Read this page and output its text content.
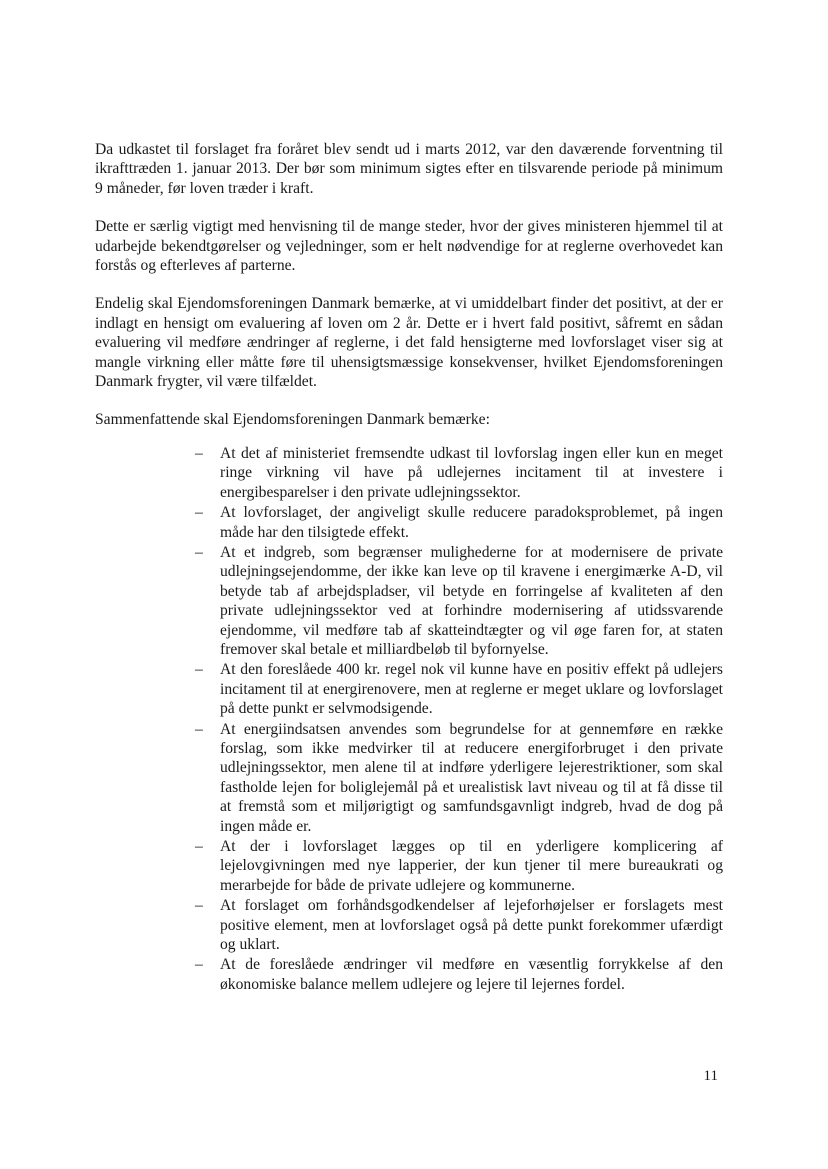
Da udkastet til forslaget fra foråret blev sendt ud i marts 2012, var den daværende forventning til ikrafttræden 1. januar 2013. Der bør som minimum sigtes efter en tilsvarende periode på minimum 9 måneder, før loven træder i kraft.

Dette er særlig vigtigt med henvisning til de mange steder, hvor der gives ministeren hjemmel til at udarbejde bekendtgørelser og vejledninger, som er helt nødvendige for at reglerne overhovedet kan forstås og efterleves af parterne.

Endelig skal Ejendomsforeningen Danmark bemærke, at vi umiddelbart finder det positivt, at der er indlagt en hensigt om evaluering af loven om 2 år. Dette er i hvert fald positivt, såfremt en sådan evaluering vil medføre ændringer af reglerne, i det fald hensigterne med lovforslaget viser sig at mangle virkning eller måtte føre til uhensigtsmæssige konsekvenser, hvilket Ejendomsforeningen Danmark frygter, vil være tilfældet.

Sammenfattende skal Ejendomsforeningen Danmark bemærke:

– At det af ministeriet fremsendte udkast til lovforslag ingen eller kun en meget ringe virkning vil have på udlejernes incitament til at investere i energibesparelser i den private udlejningssektor.
– At lovforslaget, der angiveligt skulle reducere paradoksproblemet, på ingen måde har den tilsigtede effekt.
– At et indgreb, som begrænser mulighederne for at modernisere de private udlejningsejendomme, der ikke kan leve op til kravene i energimærke A-D, vil betyde tab af arbejdspladser, vil betyde en forringelse af kvaliteten af den private udlejningssektor ved at forhindre modernisering af utidssvarende ejendomme, vil medføre tab af skatteindtægter og vil øge faren for, at staten fremover skal betale et milliardbeløb til byfornyelse.
– At den foreslåede 400 kr. regel nok vil kunne have en positiv effekt på udlejers incitament til at energirenovere, men at reglerne er meget uklare og lovforslaget på dette punkt er selvmodsigende.
– At energiindsatsen anvendes som begrundelse for at gennemføre en række forslag, som ikke medvirker til at reducere energiforbruget i den private udlejningssektor, men alene til at indføre yderligere lejerestriktioner, som skal fastholde lejen for boliglejemål på et urealistisk lavt niveau og til at få disse til at fremstå som et miljørigtigt og samfundsgavnligt indgreb, hvad de dog på ingen måde er.
– At der i lovforslaget lægges op til en yderligere komplicering af lejelovgivningen med nye lapperier, der kun tjener til mere bureaukrati og merarbejde for både de private udlejere og kommunerne.
– At forslaget om forhåndsgodkendelser af lejeforhøjelser er forslagets mest positive element, men at lovforslaget også på dette punkt forekommer ufærdigt og uklart.
– At de foreslåede ændringer vil medføre en væsentlig forrykkelse af den økonomiske balance mellem udlejere og lejere til lejernes fordel.
11
